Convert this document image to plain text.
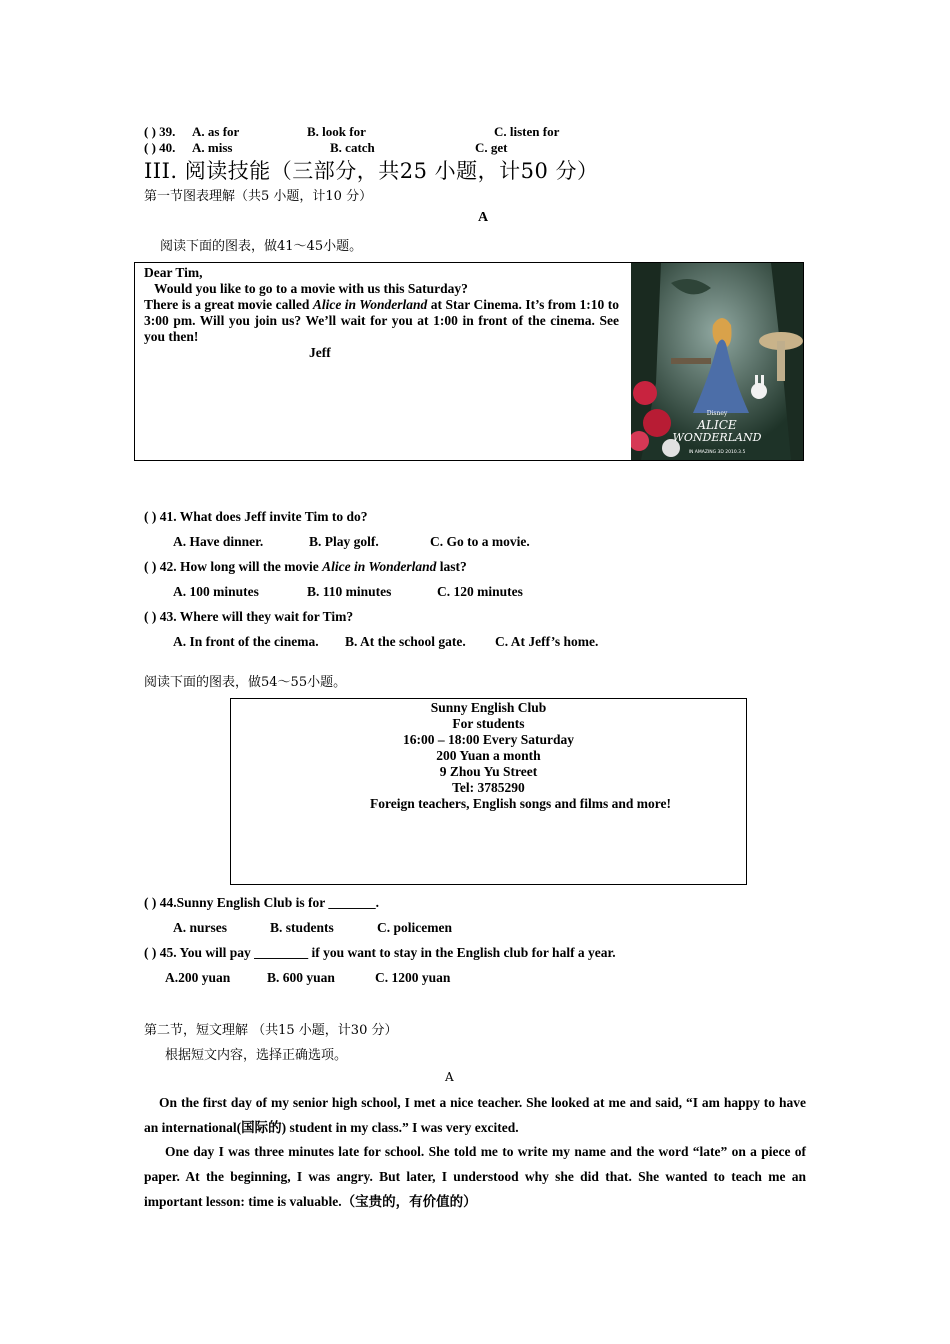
( ) 39. A. as for	B. look for	C. listen for
( ) 40. A. miss	B. catch	C. get
III. 阅读技能（三部分，共25 小题，计50 分）
第一节图表理解（共5 小题，计10 分）
A
阅读下面的图表，做41～45小题。
Dear Tim,
Would you like to go to a movie with us this Saturday?
There is a great movie called Alice in Wonderland at Star Cinema. It’s from 1:10 to 3:00 pm. Will you join us? We’ll wait for you at 1:00 in front of the cinema. See you then!
Jeff
Disney
ALICE
WONDERLAND
IN AMAZING 3D 2010.3.5
( ) 41. What does Jeff invite Tim to do?
A. Have dinner.	B. Play golf.	C. Go to a movie.
( ) 42. How long will the movie Alice in Wonderland last?
A. 100 minutes	B. 110 minutes	C. 120 minutes
( ) 43. Where will they wait for Tim?
A. In front of the cinema. B. At the school gate. C. At Jeff’s home.
阅读下面的图表，做54～55小题。
Sunny English Club
For students
16:00 – 18:00 Every Saturday
200 Yuan a month
9 Zhou Yu Street
Tel: 3785290
Foreign teachers, English songs and films and more!
( ) 44.Sunny English Club is for _______.
A. nurses	B. students	C. policemen
( ) 45. You will pay ________ if you want to stay in the English club for half a year.
A.200 yuan	B. 600 yuan	C. 1200 yuan
第二节，短文理解 （共15 小题，计30 分）
根据短文内容，选择正确选项。
A
On the first day of my senior high school, I met a nice teacher. She looked at me and said, “I am happy to have an international(国际的) student in my class.” I was very excited.
One day I was three minutes late for school. She told me to write my name and the word “late” on a piece of paper. At the beginning, I was angry. But later, I understood why she did that. She wanted to teach me an important lesson: time is valuable.（宝贵的，有价值的）
